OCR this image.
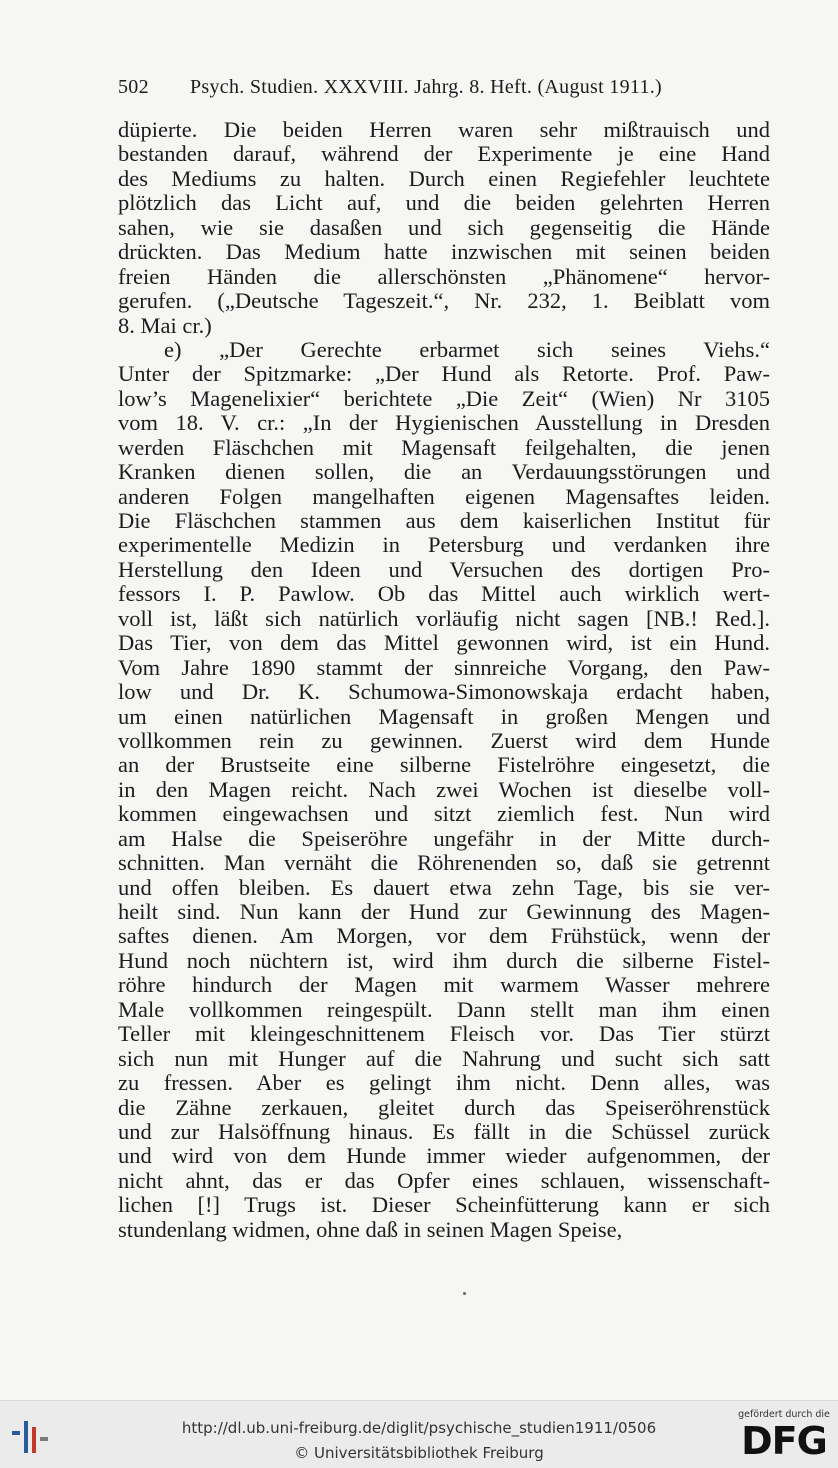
502 Psych. Studien. XXXVIII. Jahrg. 8. Heft. (August 1911.)
düpierte. Die beiden Herren waren sehr mißtrauisch und
bestanden darauf, während der Experimente je eine Hand
des Mediums zu halten. Durch einen Regiefehler leuchtete
plötzlich das Licht auf, und die beiden gelehrten Herren
sahen, wie sie dasaßen und sich gegenseitig die Hände
drückten. Das Medium hatte inzwischen mit seinen beiden
freien Händen die allerschönsten „Phänomene“ hervor-
gerufen. („Deutsche Tageszeit.“, Nr. 232, 1. Beiblatt vom
8. Mai cr.)
e) „Der Gerechte erbarmet sich seines Viehs.“
Unter der Spitzmarke: „Der Hund als Retorte. Prof. Paw-
low’s Magenelixier“ berichtete „Die Zeit“ (Wien) Nr 3105
vom 18. V. cr.: „In der Hygienischen Ausstellung in Dresden
werden Fläschchen mit Magensaft feilgehalten, die jenen
Kranken dienen sollen, die an Verdauungsstörungen und
anderen Folgen mangelhaften eigenen Magensaftes leiden.
Die Fläschchen stammen aus dem kaiserlichen Institut für
experimentelle Medizin in Petersburg und verdanken ihre
Herstellung den Ideen und Versuchen des dortigen Pro-
fessors I. P. Pawlow. Ob das Mittel auch wirklich wert-
voll ist, läßt sich natürlich vorläufig nicht sagen [NB.! Red.].
Das Tier, von dem das Mittel gewonnen wird, ist ein Hund.
Vom Jahre 1890 stammt der sinnreiche Vorgang, den Paw-
low und Dr. K. Schumowa-Simonowskaja erdacht haben,
um einen natürlichen Magensaft in großen Mengen und
vollkommen rein zu gewinnen. Zuerst wird dem Hunde
an der Brustseite eine silberne Fistelröhre eingesetzt, die
in den Magen reicht. Nach zwei Wochen ist dieselbe voll-
kommen eingewachsen und sitzt ziemlich fest. Nun wird
am Halse die Speiseröhre ungefähr in der Mitte durch-
schnitten. Man vernäht die Röhrenenden so, daß sie getrennt
und offen bleiben. Es dauert etwa zehn Tage, bis sie ver-
heilt sind. Nun kann der Hund zur Gewinnung des Magen-
saftes dienen. Am Morgen, vor dem Frühstück, wenn der
Hund noch nüchtern ist, wird ihm durch die silberne Fistel-
röhre hindurch der Magen mit warmem Wasser mehrere
Male vollkommen reingespült. Dann stellt man ihm einen
Teller mit kleingeschnittenem Fleisch vor. Das Tier stürzt
sich nun mit Hunger auf die Nahrung und sucht sich satt
zu fressen. Aber es gelingt ihm nicht. Denn alles, was
die Zähne zerkauen, gleitet durch das Speiseröhrenstück
und zur Halsöffnung hinaus. Es fällt in die Schüssel zurück
und wird von dem Hunde immer wieder aufgenommen, der
nicht ahnt, das er das Opfer eines schlauen, wissenschaft-
lichen [!] Trugs ist. Dieser Scheinfütterung kann er sich
stundenlang widmen, ohne daß in seinen Magen Speise,
http://dl.ub.uni-freiburg.de/diglit/psychische_studien1911/0506
© Universitätsbibliothek Freiburg
gefördert durch die
DFG
